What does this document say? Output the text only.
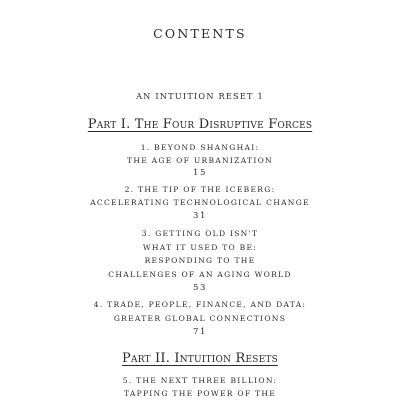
CONTENTS
AN INTUITION RESET 1
Part I. The Four Disruptive Forces
1. BEYOND SHANGHAI:
THE AGE OF URBANIZATION
15
2. THE TIP OF THE ICEBERG:
ACCELERATING TECHNOLOGICAL CHANGE
31
3. GETTING OLD ISN'T
WHAT IT USED TO BE:
RESPONDING TO THE
CHALLENGES OF AN AGING WORLD
53
4. TRADE, PEOPLE, FINANCE, AND DATA:
GREATER GLOBAL CONNECTIONS
71
Part II. Intuition Resets
5. THE NEXT THREE BILLION:
TAPPING THE POWER OF THE
